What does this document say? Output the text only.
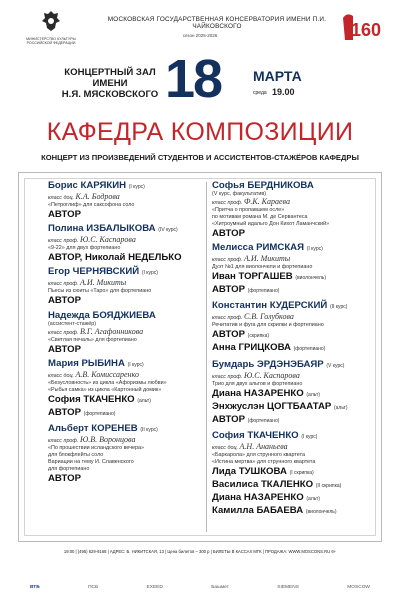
МИНИСТЕРСТВО КУЛЬТУРЫ
РОССИЙСКОЙ ФЕДЕРАЦИИ
МОСКОВСКАЯ ГОСУДАРСТВЕННАЯ КОНСЕРВАТОРИЯ ИМЕНИ П.И. ЧАЙКОВСКОГО
сезон 2025-2026	160
КОНЦЕРТНЫЙ ЗАЛ
ИМЕНИ
Н.Я. МЯСКОВСКОГО 18 МАРТА
среда 19.00
КАФЕДРА КОМПОЗИЦИИ
КОНЦЕРТ ИЗ ПРОИЗВЕДЕНИЙ СТУДЕНТОВ И АССИСТЕНТОВ-СТАЖЁРОВ КАФЕДРЫ
Борис КАРЯКИН (I курс)
класс доц. К.А. Бодрова
«Петроглиф» для саксофона соло
АВТОР
Полина ИЗБАЛЫКОВА (IV курс)
класс проф. Ю.С. Каспарова
«9-22» для двух фортепиано
АВТОР, Николай НЕДЕЛЬКО
Егор ЧЕРНЯВСКИЙ (I курс)
класс проф. А.И. Микиты
Пьесы из сюиты «Таро» для фортепиано
АВТОР
Надежда БОЯДЖИЕВА
(ассистент-стажёр)
класс проф. В.Г. Агафонникова
«Светлая печаль» для фортепиано
АВТОР
Мария РЫБИНА (I курс)
класс доц. А.В. Комиссаренко
«Безусловность» из цикла «Афоризмы любви»
«Рыбья самка» из цикла «Картонный домик»
София ТКАЧЕНКО (альт)
АВТОР (фортепиано)
Альберт КОРЕНЕВ (II курс)
класс проф. Ю.В. Воронцова
«По прошествии исландского вечера»
для блокфлейты соло
Вариации на тему И. Славенского
для фортепиано
АВТОР
Софья БЕРДНИКОВА
(V курс, факультатив)
класс проф. Ф.К. Караева
«Притча о пропавшем осле»
по мотивам романа М. де Сервантеса
«Хитроумный идальго Дон Кихот Ламанчский»
АВТОР
Мелисса РИМСКАЯ (I курс)
класс проф. А.И. Микиты
Дуэт №1 для виолончели и фортепиано
Иван ТОРГАШЕВ (виолончель)
АВТОР (фортепиано)
Константин КУДЕРСКИЙ (II курс)
класс проф. С.В. Голубкова
Речитатив и фуга для скрипки и фортепиано
АВТОР (скрипка)
Анна ГРИЦКОВА (фортепиано)
Бумдарь ЭРДЭНЭБАЯР (V курс)
класс проф. Ю.С. Каспарова
Трио для двух альтов и фортепиано
Диана НАЗАРЕНКО (альт)
Энхжуслэн ЦОГТБААТАР (альт)
АВТОР (фортепиано)
София ТКАЧЕНКО (I курс)
класс доц. А.Н. Ананьева
«Баркарола» для струнного квартета
«Истина мертва» для струнного квартета
Лида ТУШКОВА (I скрипка)
Василиса ТКАЛЕНКО (II скрипка)
Диана НАЗАРЕНКО (альт)
Камилла БАБАЕВА (виолончель)
19:00 | (495) 629-9168 | АДРЕС: Б. НИКИТСКАЯ, 13 | Цена билетов – 300 р | БИЛЕТЫ В КАССАХ МГК | ПРОДАЖА: WWW.MOSCONS.RU 6+
ВТБ	ПСБ	EXEED	Башмет	SIEMENS	MOSCOW
